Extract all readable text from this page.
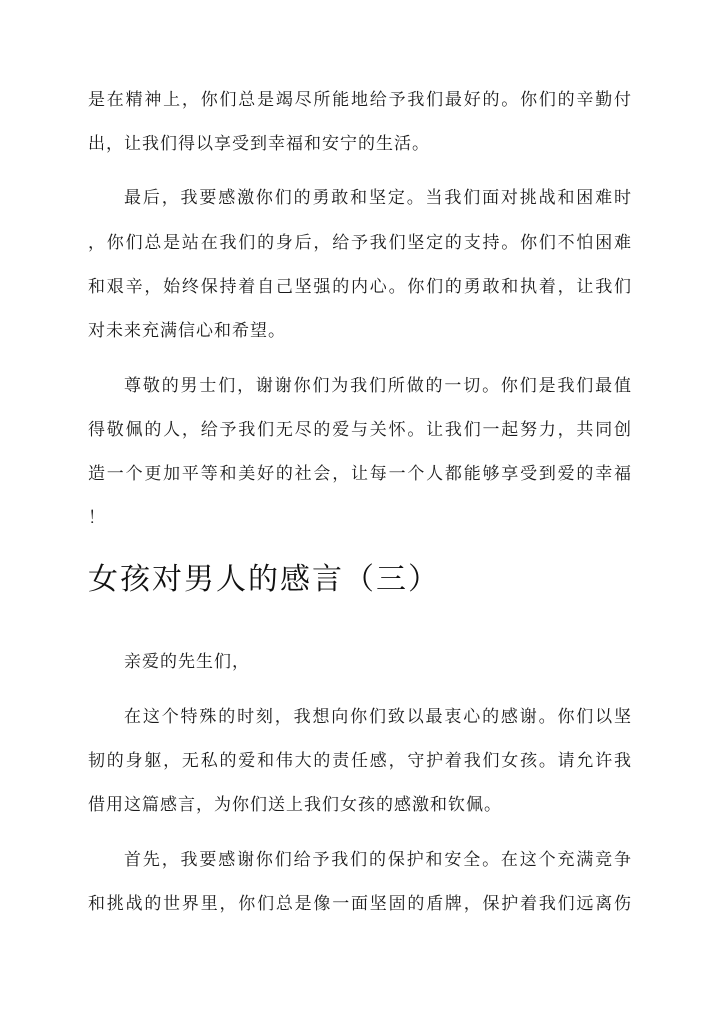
是在精神上，你们总是竭尽所能地给予我们最好的。你们的辛勤付
出，让我们得以享受到幸福和安宁的生活。
最后，我要感激你们的勇敢和坚定。当我们面对挑战和困难时
，你们总是站在我们的身后，给予我们坚定的支持。你们不怕困难
和艰辛，始终保持着自己坚强的内心。你们的勇敢和执着，让我们
对未来充满信心和希望。
尊敬的男士们，谢谢你们为我们所做的一切。你们是我们最值
得敬佩的人，给予我们无尽的爱与关怀。让我们一起努力，共同创
造一个更加平等和美好的社会，让每一个人都能够享受到爱的幸福
！
女孩对男人的感言（三）
亲爱的先生们，
在这个特殊的时刻，我想向你们致以最衷心的感谢。你们以坚
韧的身躯，无私的爱和伟大的责任感，守护着我们女孩。请允许我
借用这篇感言，为你们送上我们女孩的感激和钦佩。
首先，我要感谢你们给予我们的保护和安全。在这个充满竞争
和挑战的世界里，你们总是像一面坚固的盾牌，保护着我们远离伤
